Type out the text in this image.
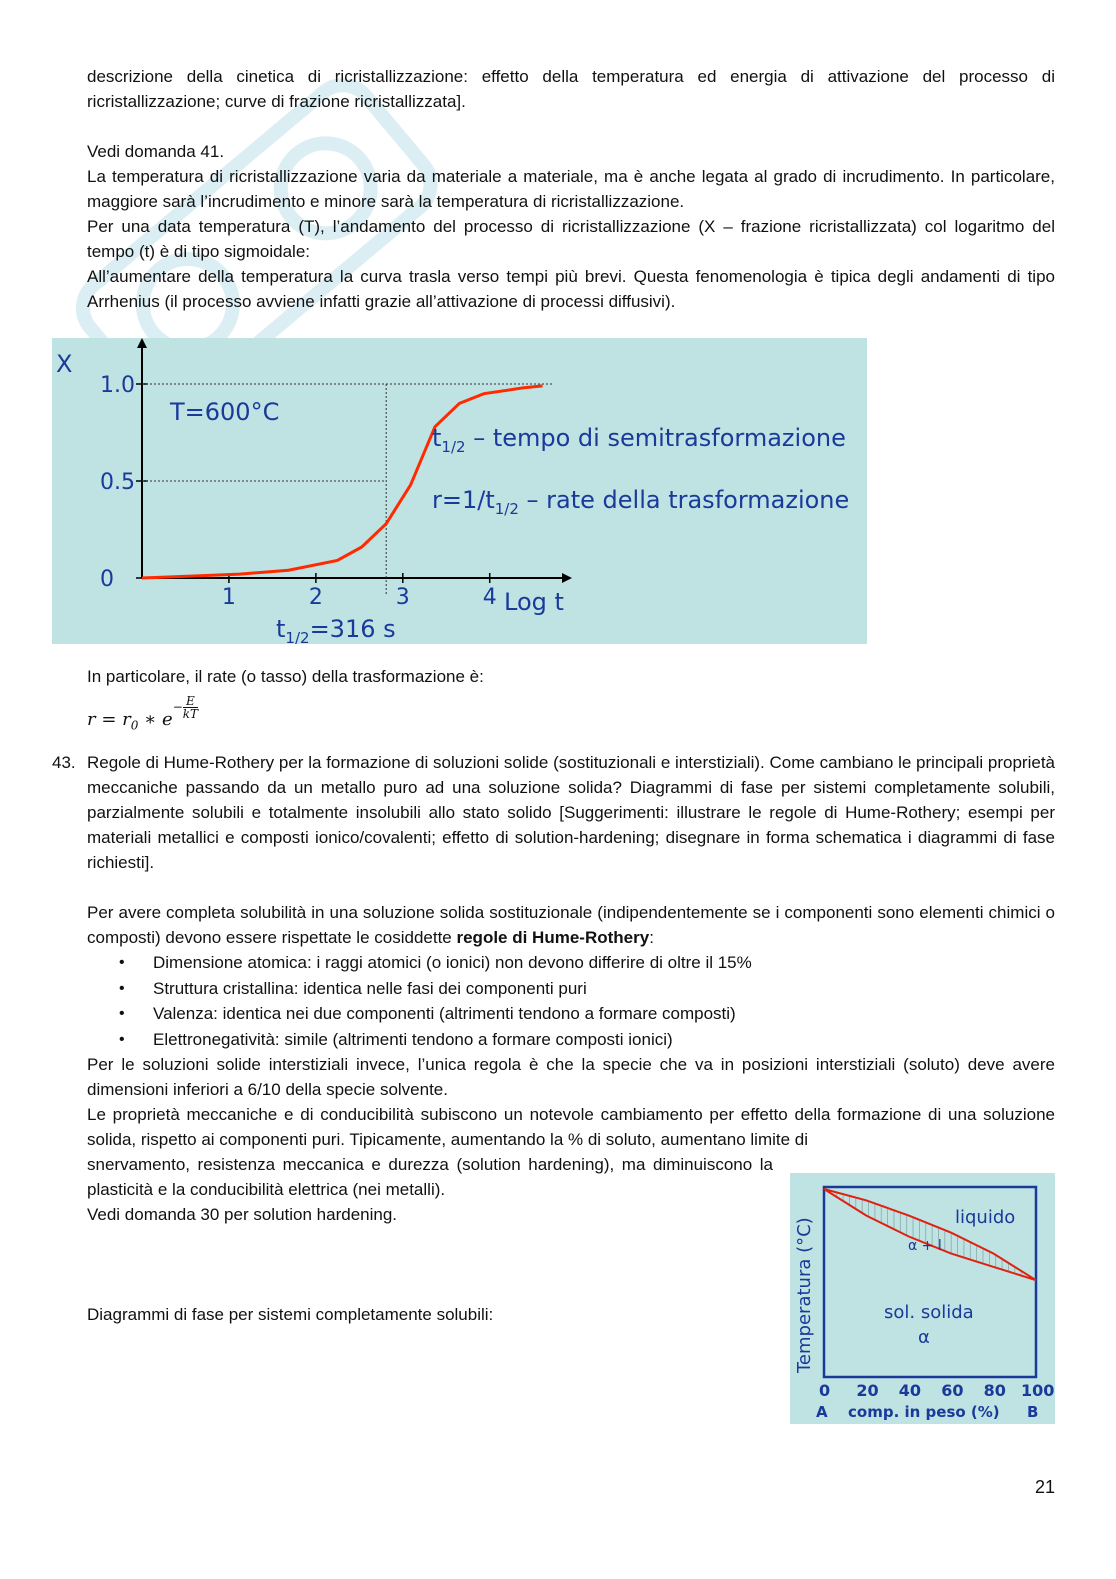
descrizione della cinetica di ricristallizzazione: effetto della temperatura ed energia di attivazione del processo di ricristallizzazione; curve di frazione ricristallizzata].

Vedi domanda 41.

La temperatura di ricristallizzazione varia da materiale a materiale, ma è anche legata al grado di incrudimento. In particolare, maggiore sarà l’incrudimento e minore sarà la temperatura di ricristallizzazione.

Per una data temperatura (T), l’andamento del processo di ricristallizzazione (X – frazione ricristallizzata) col logaritmo del tempo (t) è di tipo sigmoidale:

All’aumentare della temperatura la curva trasla verso tempi più brevi. Questa fenomenologia è tipica degli andamenti di tipo Arrhenius (il processo avviene infatti grazie all’attivazione di processi diffusivi).

X
T=600°C
Log t
0
0.5
1.0
1	2	3	4
$t_{1/2}=316$ s
$t_{1/2}$ – tempo di semitrasformazione
$r=1/t_{1/2}$ – rate della trasformazione

In particolare, il rate (o tasso) della trasformazione è:

$r = r_0$ ∗ $e^{- \frac{E}{kT}}$
43. Regole di Hume-Rothery per la formazione di soluzioni solide (sostituzionali e interstiziali). Come cambiano le principali proprietà meccaniche passando da un metallo puro ad una soluzione solida? Diagrammi di fase per sistemi completamente solubili, parzialmente solubili e totalmente insolubili allo stato solido [Suggerimenti: illustrare le regole di Hume-Rothery; esempi per materiali metallici e composti ionico/covalenti; effetto di solution-hardening; disegnare in forma schematica i diagrammi di fase richiesti].

Per avere completa solubilità in una soluzione solida sostituzionale (indipendentemente se i componenti sono elementi chimici o composti) devono essere rispettate le cosiddette regole di Hume-Rothery:

• Dimensione atomica: i raggi atomici (o ionici) non devono differire di oltre il 15%
• Struttura cristallina: identica nelle fasi dei componenti puri
• Valenza: identica nei due componenti (altrimenti tendono a formare composti)
• Elettronegatività: simile (altrimenti tendono a formare composti ionici)

Per le soluzioni solide interstiziali invece, l’unica regola è che la specie che va in posizioni interstiziali (soluto) deve avere dimensioni inferiori a 6/10 della specie solvente.

Le proprietà meccaniche e di conducibilità subiscono un notevole cambiamento per effetto della formazione di una soluzione solida, rispetto ai componenti puri. Tipicamente, aumentando la % di soluto, aumentano limite di

snervamento, resistenza meccanica e durezza (solution hardening), ma diminuiscono la plasticità e la conducibilità elettrica (nei metalli).

Vedi domanda 30 per solution hardening.

Diagrammi di fase per sistemi completamente solubili:	Temperatura (°C)	liquido
α + l
sol. solida
α
0 20 40 60 80 100
A	B
comp. in peso (%)
21
